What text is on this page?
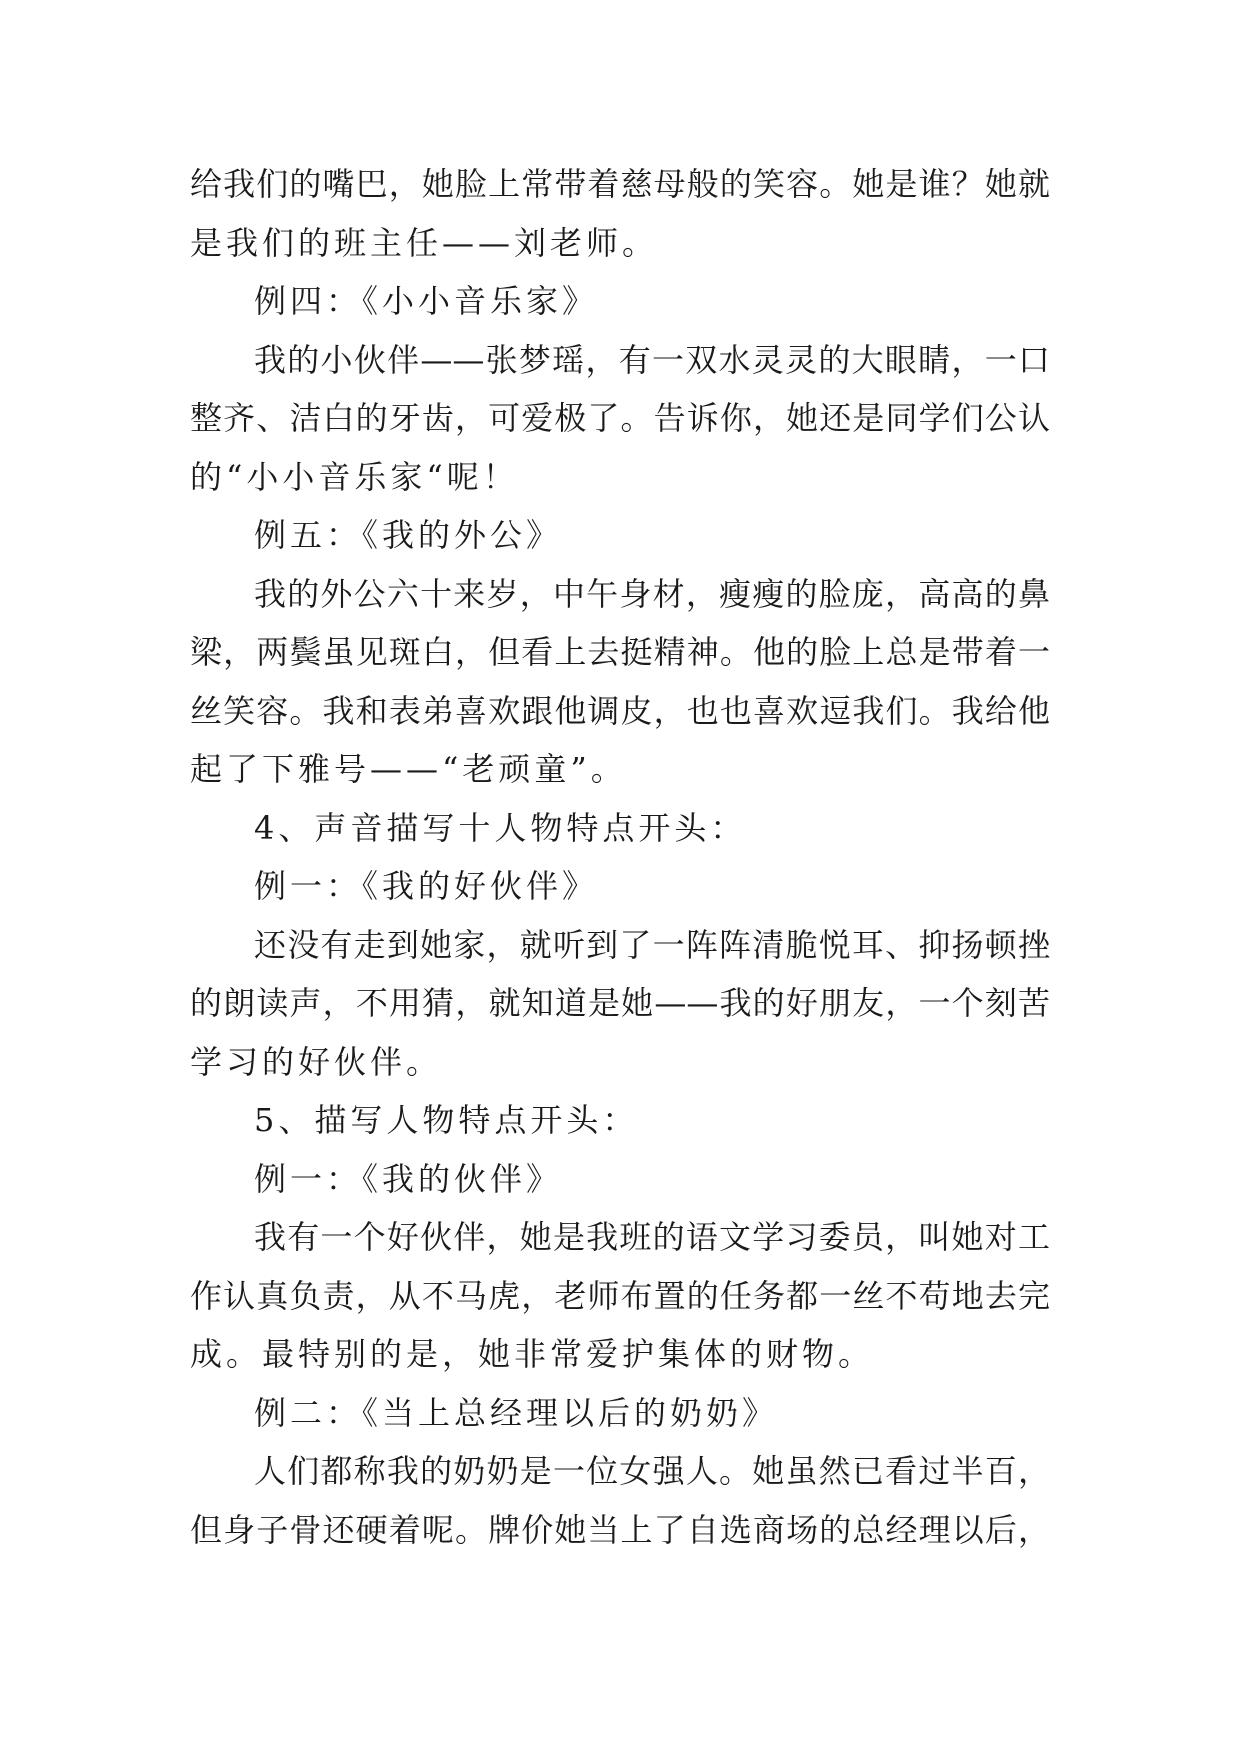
给我们的嘴巴，她脸上常带着慈母般的笑容。她是谁？她就
是我们的班主任——刘老师。
例四：《小小音乐家》
我的小伙伴——张梦瑶，有一双水灵灵的大眼睛，一口
整齐、洁白的牙齿，可爱极了。告诉你，她还是同学们公认
的“小小音乐家“呢！
例五：《我的外公》
我的外公六十来岁，中午身材，瘦瘦的脸庞，高高的鼻
梁，两鬓虽见斑白，但看上去挺精神。他的脸上总是带着一
丝笑容。我和表弟喜欢跟他调皮，也也喜欢逗我们。我给他
起了下雅号——“老顽童”。
4、声音描写十人物特点开头：
例一：《我的好伙伴》
还没有走到她家，就听到了一阵阵清脆悦耳、抑扬顿挫
的朗读声，不用猜，就知道是她——我的好朋友，一个刻苦
学习的好伙伴。
5、描写人物特点开头：
例一：《我的伙伴》
我有一个好伙伴，她是我班的语文学习委员，叫她对工
作认真负责，从不马虎，老师布置的任务都一丝不苟地去完
成。最特别的是，她非常爱护集体的财物。
例二：《当上总经理以后的奶奶》
人们都称我的奶奶是一位女强人。她虽然已看过半百，
但身子骨还硬着呢。牌价她当上了自选商场的总经理以后，
